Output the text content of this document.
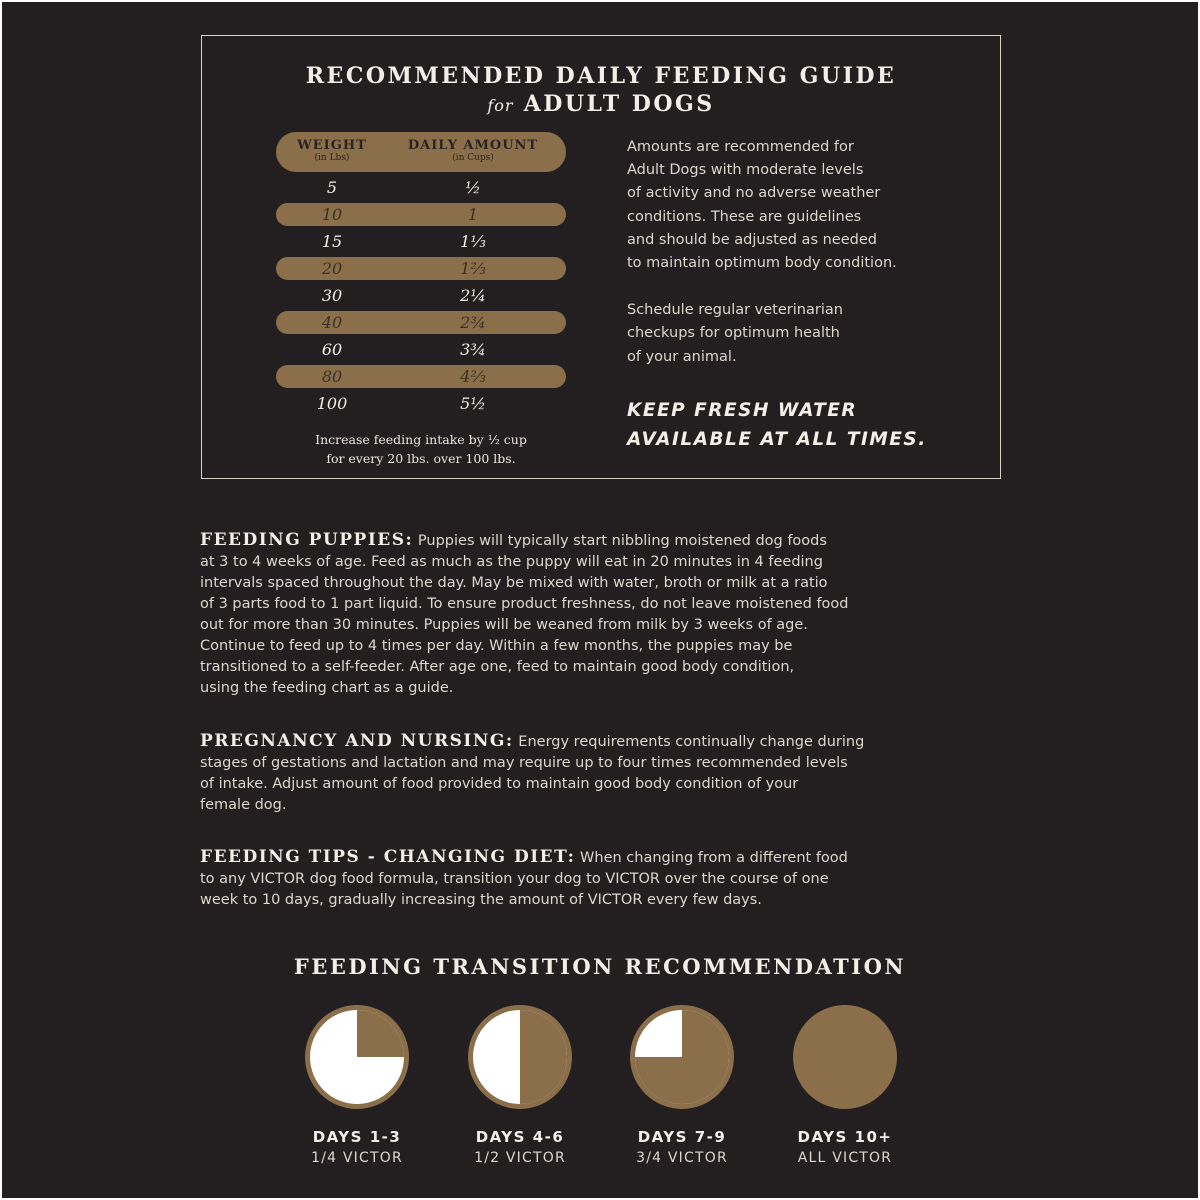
RECOMMENDED DAILY FEEDING GUIDE
for ADULT DOGS
WEIGHT
(in Lbs)
DAILY AMOUNT
(in Cups)
5	½
10	1
15	1⅓
20	1⅔
30	2¼
40	2¾
60	3¾
80	4⅔
100	5½
Increase feeding intake by ½ cup
for every 20 lbs. over 100 lbs.

Amounts are recommended for
Adult Dogs with moderate levels
of activity and no adverse weather
conditions. These are guidelines
and should be adjusted as needed
to maintain optimum body condition.

Schedule regular veterinarian
checkups for optimum health
of your animal.

KEEP FRESH WATER
AVAILABLE AT ALL TIMES.

FEEDING PUPPIES: Puppies will typically start nibbling moistened dog foods
at 3 to 4 weeks of age. Feed as much as the puppy will eat in 20 minutes in 4 feeding
intervals spaced throughout the day. May be mixed with water, broth or milk at a ratio
of 3 parts food to 1 part liquid. To ensure product freshness, do not leave moistened food
out for more than 30 minutes. Puppies will be weaned from milk by 3 weeks of age.
Continue to feed up to 4 times per day. Within a few months, the puppies may be
transitioned to a self-feeder. After age one, feed to maintain good body condition,
using the feeding chart as a guide.

PREGNANCY AND NURSING: Energy requirements continually change during
stages of gestations and lactation and may require up to four times recommended levels
of intake. Adjust amount of food provided to maintain good body condition of your
female dog.

FEEDING TIPS - CHANGING DIET: When changing from a different food
to any VICTOR dog food formula, transition your dog to VICTOR over the course of one
week to 10 days, gradually increasing the amount of VICTOR every few days.

FEEDING TRANSITION RECOMMENDATION
DAYS 1-3
1/4 VICTOR
DAYS 4-6
1/2 VICTOR
DAYS 7-9
3/4 VICTOR
DAYS 10+
ALL VICTOR
